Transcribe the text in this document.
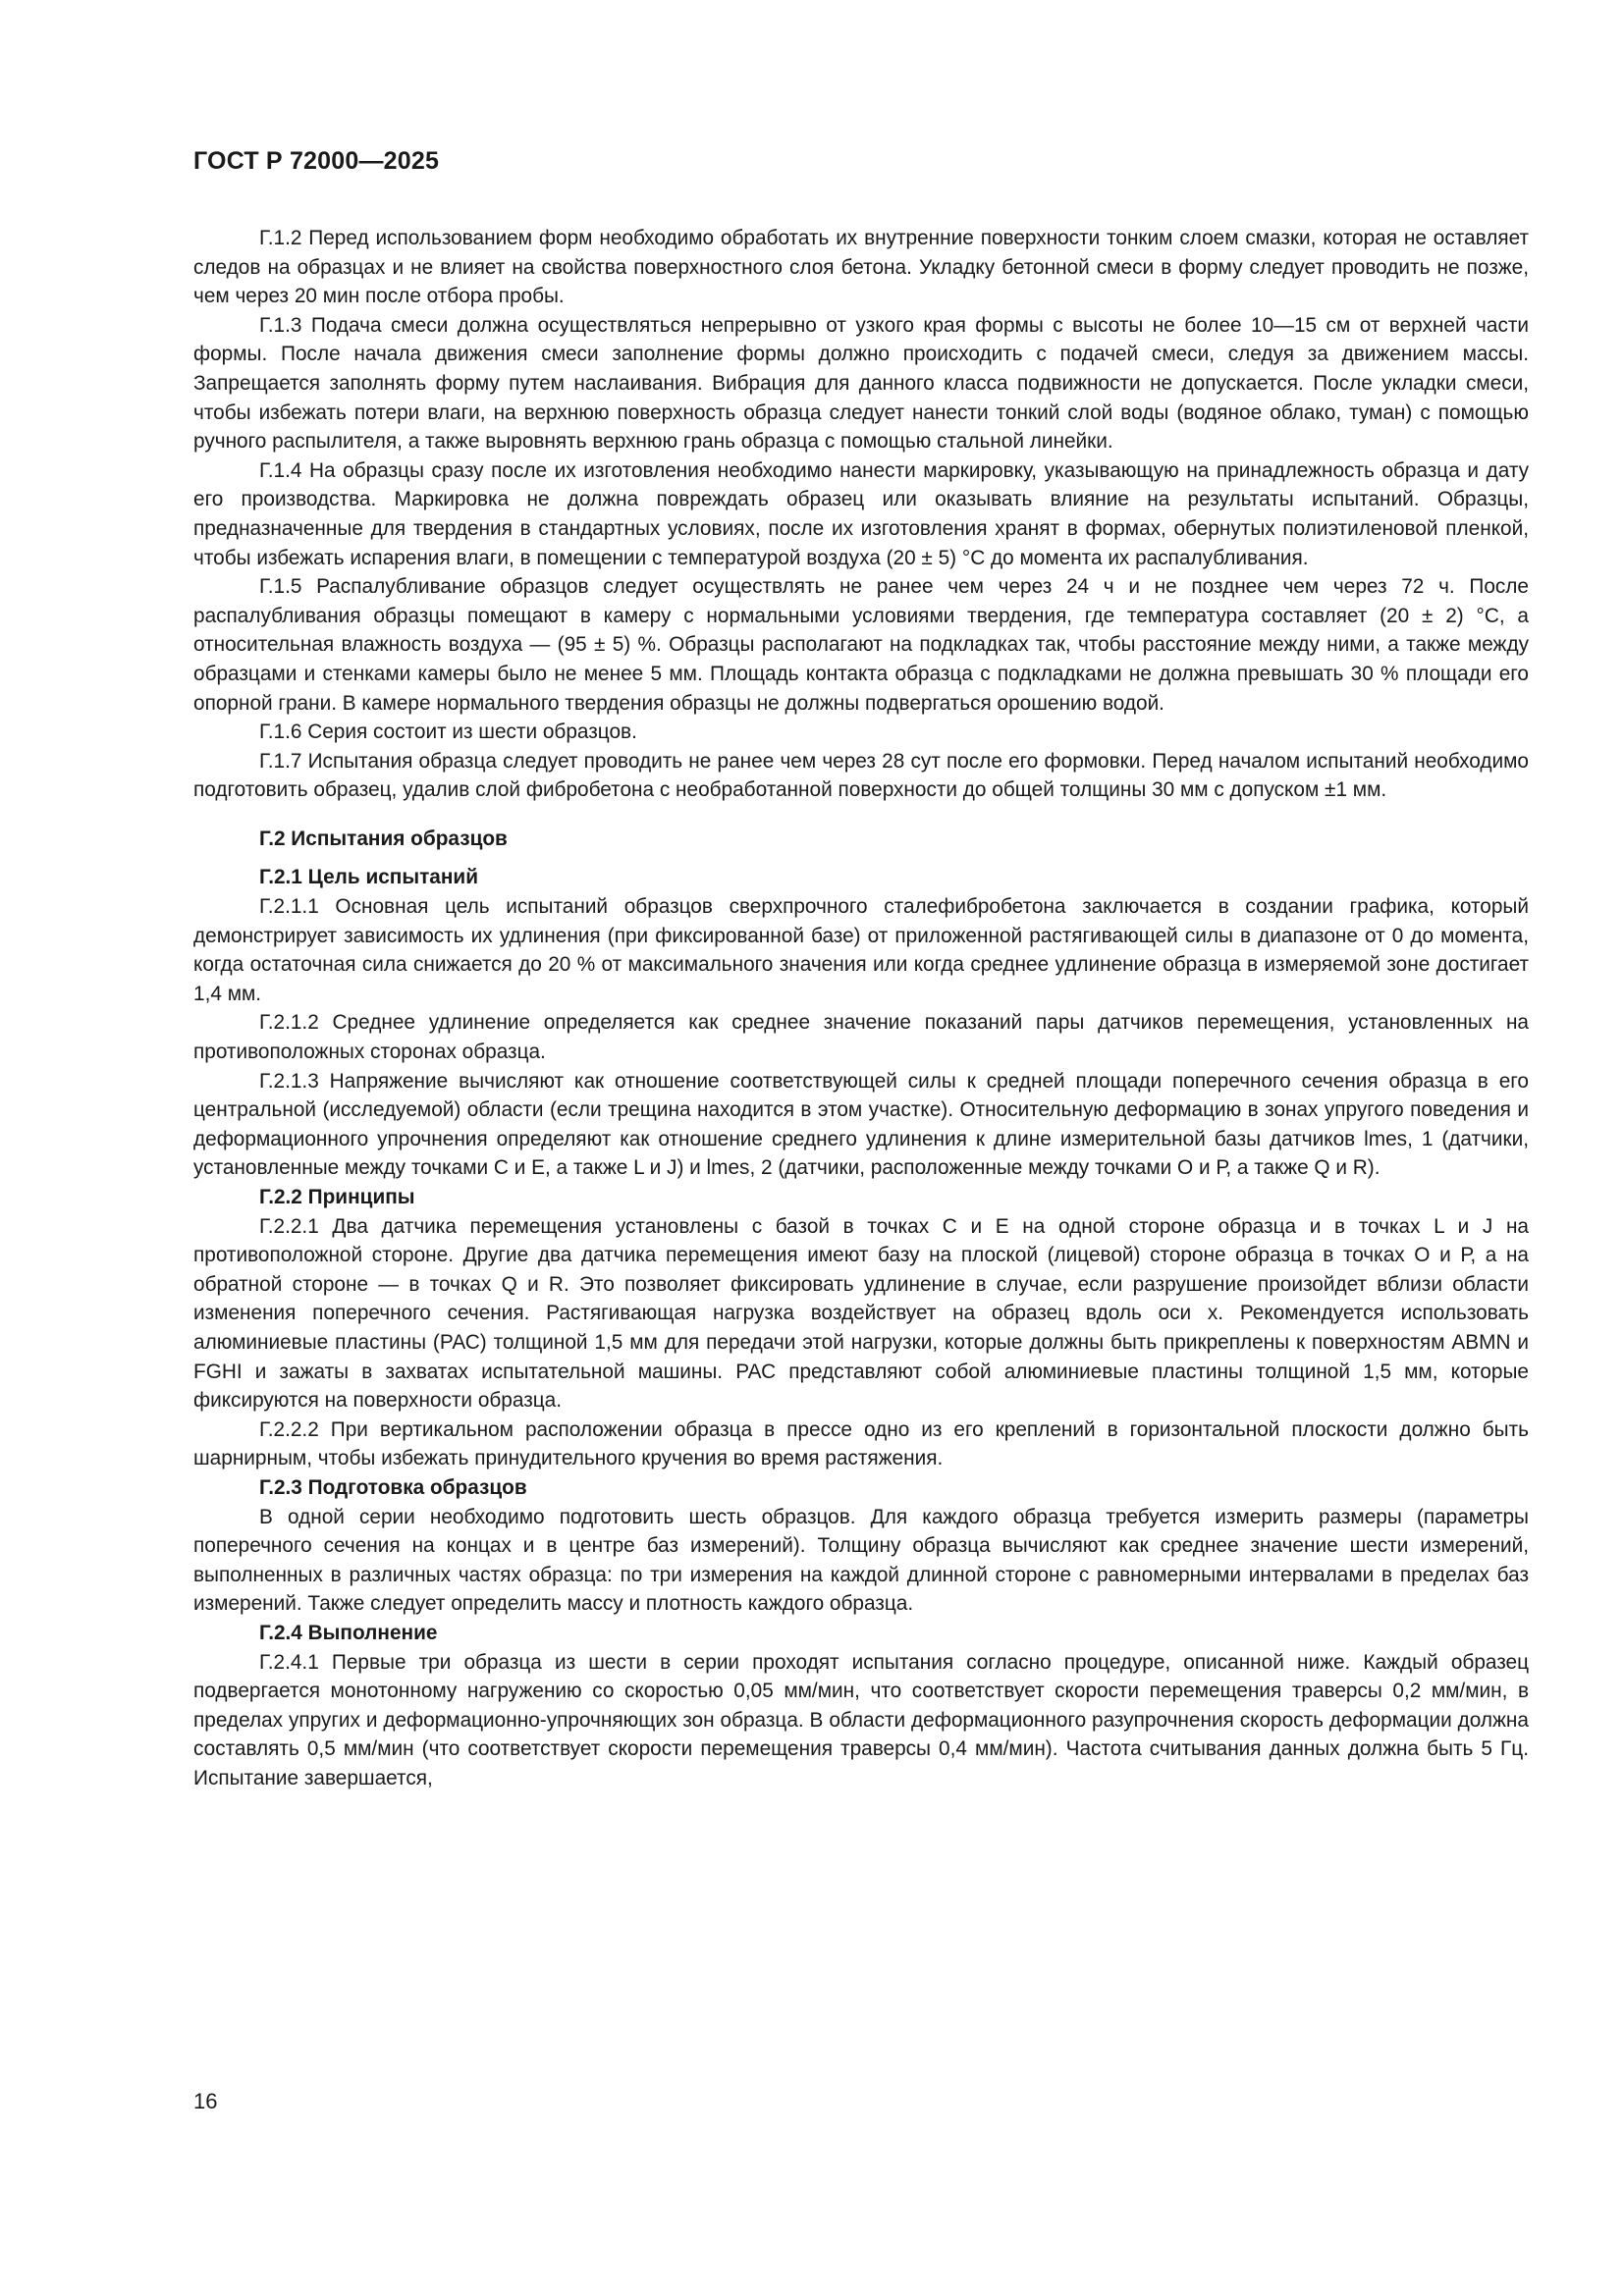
ГОСТ Р 72000—2025

Г.1.2 Перед использованием форм необходимо обработать их внутренние поверхности тонким слоем смазки, которая не оставляет следов на образцах и не влияет на свойства поверхностного слоя бетона. Укладку бетонной смеси в форму следует проводить не позже, чем через 20 мин после отбора пробы.

Г.1.3 Подача смеси должна осуществляться непрерывно от узкого края формы с высоты не более 10—15 см от верхней части формы. После начала движения смеси заполнение формы должно происходить с подачей смеси, следуя за движением массы. Запрещается заполнять форму путем наслаивания. Вибрация для данного класса подвижности не допускается. После укладки смеси, чтобы избежать потери влаги, на верхнюю поверхность образца следует нанести тонкий слой воды (водяное облако, туман) с помощью ручного распылителя, а также выровнять верхнюю грань образца с помощью стальной линейки.

Г.1.4 На образцы сразу после их изготовления необходимо нанести маркировку, указывающую на принадлежность образца и дату его производства. Маркировка не должна повреждать образец или оказывать влияние на результаты испытаний. Образцы, предназначенные для твердения в стандартных условиях, после их изготовления хранят в формах, обернутых полиэтиленовой пленкой, чтобы избежать испарения влаги, в помещении с температурой воздуха (20 ± 5) °С до момента их распалубливания.

Г.1.5 Распалубливание образцов следует осуществлять не ранее чем через 24 ч и не позднее чем через 72 ч. После распалубливания образцы помещают в камеру с нормальными условиями твердения, где температура составляет (20 ± 2) °С, а относительная влажность воздуха — (95 ± 5) %. Образцы располагают на подкладках так, чтобы расстояние между ними, а также между образцами и стенками камеры было не менее 5 мм. Площадь контакта образца с подкладками не должна превышать 30 % площади его опорной грани. В камере нормального твердения образцы не должны подвергаться орошению водой.

Г.1.6 Серия состоит из шести образцов.

Г.1.7 Испытания образца следует проводить не ранее чем через 28 сут после его формовки. Перед началом испытаний необходимо подготовить образец, удалив слой фибробетона с необработанной поверхности до общей толщины 30 мм с допуском ±1 мм.

Г.2 Испытания образцов

Г.2.1 Цель испытаний

Г.2.1.1 Основная цель испытаний образцов сверхпрочного сталефибробетона заключается в создании графика, который демонстрирует зависимость их удлинения (при фиксированной базе) от приложенной растягивающей силы в диапазоне от 0 до момента, когда остаточная сила снижается до 20 % от максимального значения или когда среднее удлинение образца в измеряемой зоне достигает 1,4 мм.

Г.2.1.2 Среднее удлинение определяется как среднее значение показаний пары датчиков перемещения, установленных на противоположных сторонах образца.

Г.2.1.3 Напряжение вычисляют как отношение соответствующей силы к средней площади поперечного сечения образца в его центральной (исследуемой) области (если трещина находится в этом участке). Относительную деформацию в зонах упругого поведения и деформационного упрочнения определяют как отношение среднего удлинения к длине измерительной базы датчиков lmes, 1 (датчики, установленные между точками С и Е, а также L и J) и lmes, 2 (датчики, расположенные между точками О и Р, а также Q и R).

Г.2.2 Принципы

Г.2.2.1 Два датчика перемещения установлены с базой в точках С и Е на одной стороне образца и в точках L и J на противоположной стороне. Другие два датчика перемещения имеют базу на плоской (лицевой) стороне образца в точках О и Р, а на обратной стороне — в точках Q и R. Это позволяет фиксировать удлинение в случае, если разрушение произойдет вблизи области изменения поперечного сечения. Растягивающая нагрузка воздействует на образец вдоль оси x. Рекомендуется использовать алюминиевые пластины (РАС) толщиной 1,5 мм для передачи этой нагрузки, которые должны быть прикреплены к поверхностям ABMN и FGHI и зажаты в захватах испытательной машины. РАС представляют собой алюминиевые пластины толщиной 1,5 мм, которые фиксируются на поверхности образца.

Г.2.2.2 При вертикальном расположении образца в прессе одно из его креплений в горизонтальной плоскости должно быть шарнирным, чтобы избежать принудительного кручения во время растяжения.

Г.2.3 Подготовка образцов

В одной серии необходимо подготовить шесть образцов. Для каждого образца требуется измерить размеры (параметры поперечного сечения на концах и в центре баз измерений). Толщину образца вычисляют как среднее значение шести измерений, выполненных в различных частях образца: по три измерения на каждой длинной стороне с равномерными интервалами в пределах баз измерений. Также следует определить массу и плотность каждого образца.

Г.2.4 Выполнение

Г.2.4.1 Первые три образца из шести в серии проходят испытания согласно процедуре, описанной ниже. Каждый образец подвергается монотонному нагружению со скоростью 0,05 мм/мин, что соответствует скорости перемещения траверсы 0,2 мм/мин, в пределах упругих и деформационно-упрочняющих зон образца. В области деформационного разупрочнения скорость деформации должна составлять 0,5 мм/мин (что соответствует скорости перемещения траверсы 0,4 мм/мин). Частота считывания данных должна быть 5 Гц. Испытание завершается,

16
